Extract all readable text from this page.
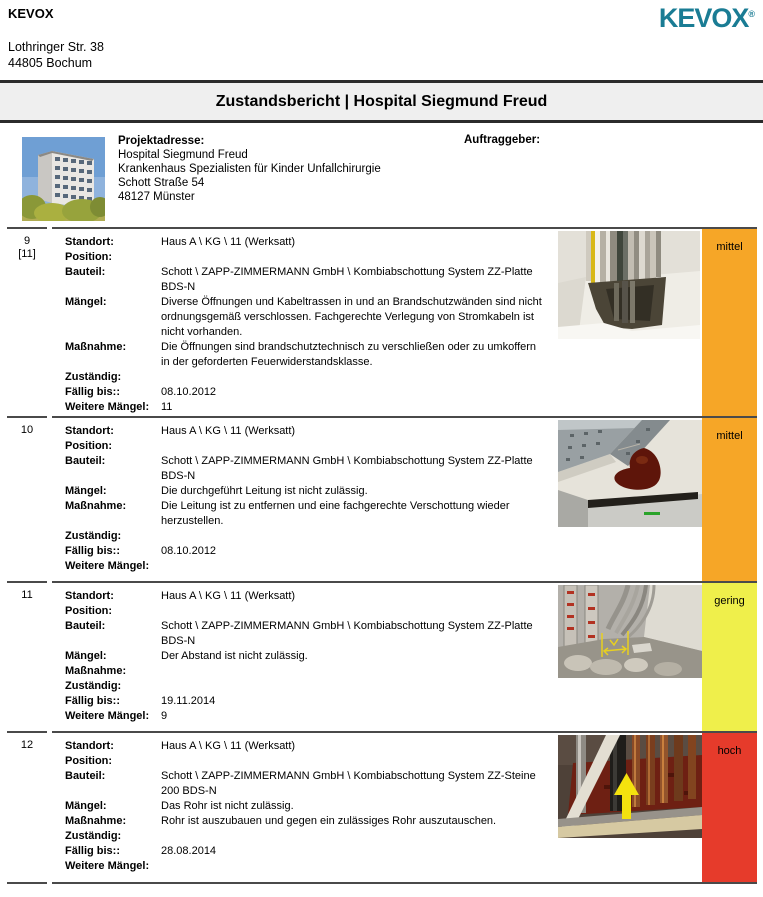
KEVOX
Lothringer Str. 38
44805 Bochum
KEVOX®
Zustandsbericht | Hospital Siegmund Freud
Projektadresse:
Hospital Siegmund Freud
Krankenhaus Spezialisten für Kinder Unfallchirurgie
Schott Straße 54
48127 Münster
Auftraggeber:
9
[11]
Standort:	Haus A \ KG \ 11 (Werksatt)
Position:
Bauteil:	Schott \ ZAPP-ZIMMERMANN GmbH \ Kombiabschottung System ZZ-Platte BDS-N
Mängel:	Diverse Öffnungen und Kabeltrassen in und an Brandschutzwänden sind nicht ordnungsgemäß verschlossen. Fachgerechte Verlegung von Stromkabeln ist nicht vorhanden.
Maßnahme:	Die Öffnungen sind brandschutztechnisch zu verschließen oder zu umkoffern in der geforderten Feuerwiderstandsklasse.
Zuständig:
Fällig bis::	08.10.2012
Weitere Mängel:	11
mittel
10	Standort:	Haus A \ KG \ 11 (Werksatt)
Position:
Bauteil:	Schott \ ZAPP-ZIMMERMANN GmbH \ Kombiabschottung System ZZ-Platte BDS-N
Mängel:	Die durchgeführt Leitung ist nicht zulässig.
Maßnahme:	Die Leitung ist zu entfernen und eine fachgerechte Verschottung wieder herzustellen.
Zuständig:
Fällig bis::	08.10.2012
Weitere Mängel:
mittel
11	Standort:	Haus A \ KG \ 11 (Werksatt)
Position:
Bauteil:	Schott \ ZAPP-ZIMMERMANN GmbH \ Kombiabschottung System ZZ-Platte BDS-N
Mängel:	Der Abstand ist nicht zulässig.
Maßnahme:
Zuständig:
Fällig bis::	19.11.2014
Weitere Mängel:	9
gering
12	Standort:	Haus A \ KG \ 11 (Werksatt)
Position:
Bauteil:	Schott \ ZAPP-ZIMMERMANN GmbH \ Kombiabschottung System ZZ-Steine 200 BDS-N
Mängel:	Das Rohr ist nicht zulässig.
Maßnahme:	Rohr ist auszubauen und gegen ein zulässiges Rohr auszutauschen.
Zuständig:
Fällig bis::	28.08.2014
Weitere Mängel:
hoch
